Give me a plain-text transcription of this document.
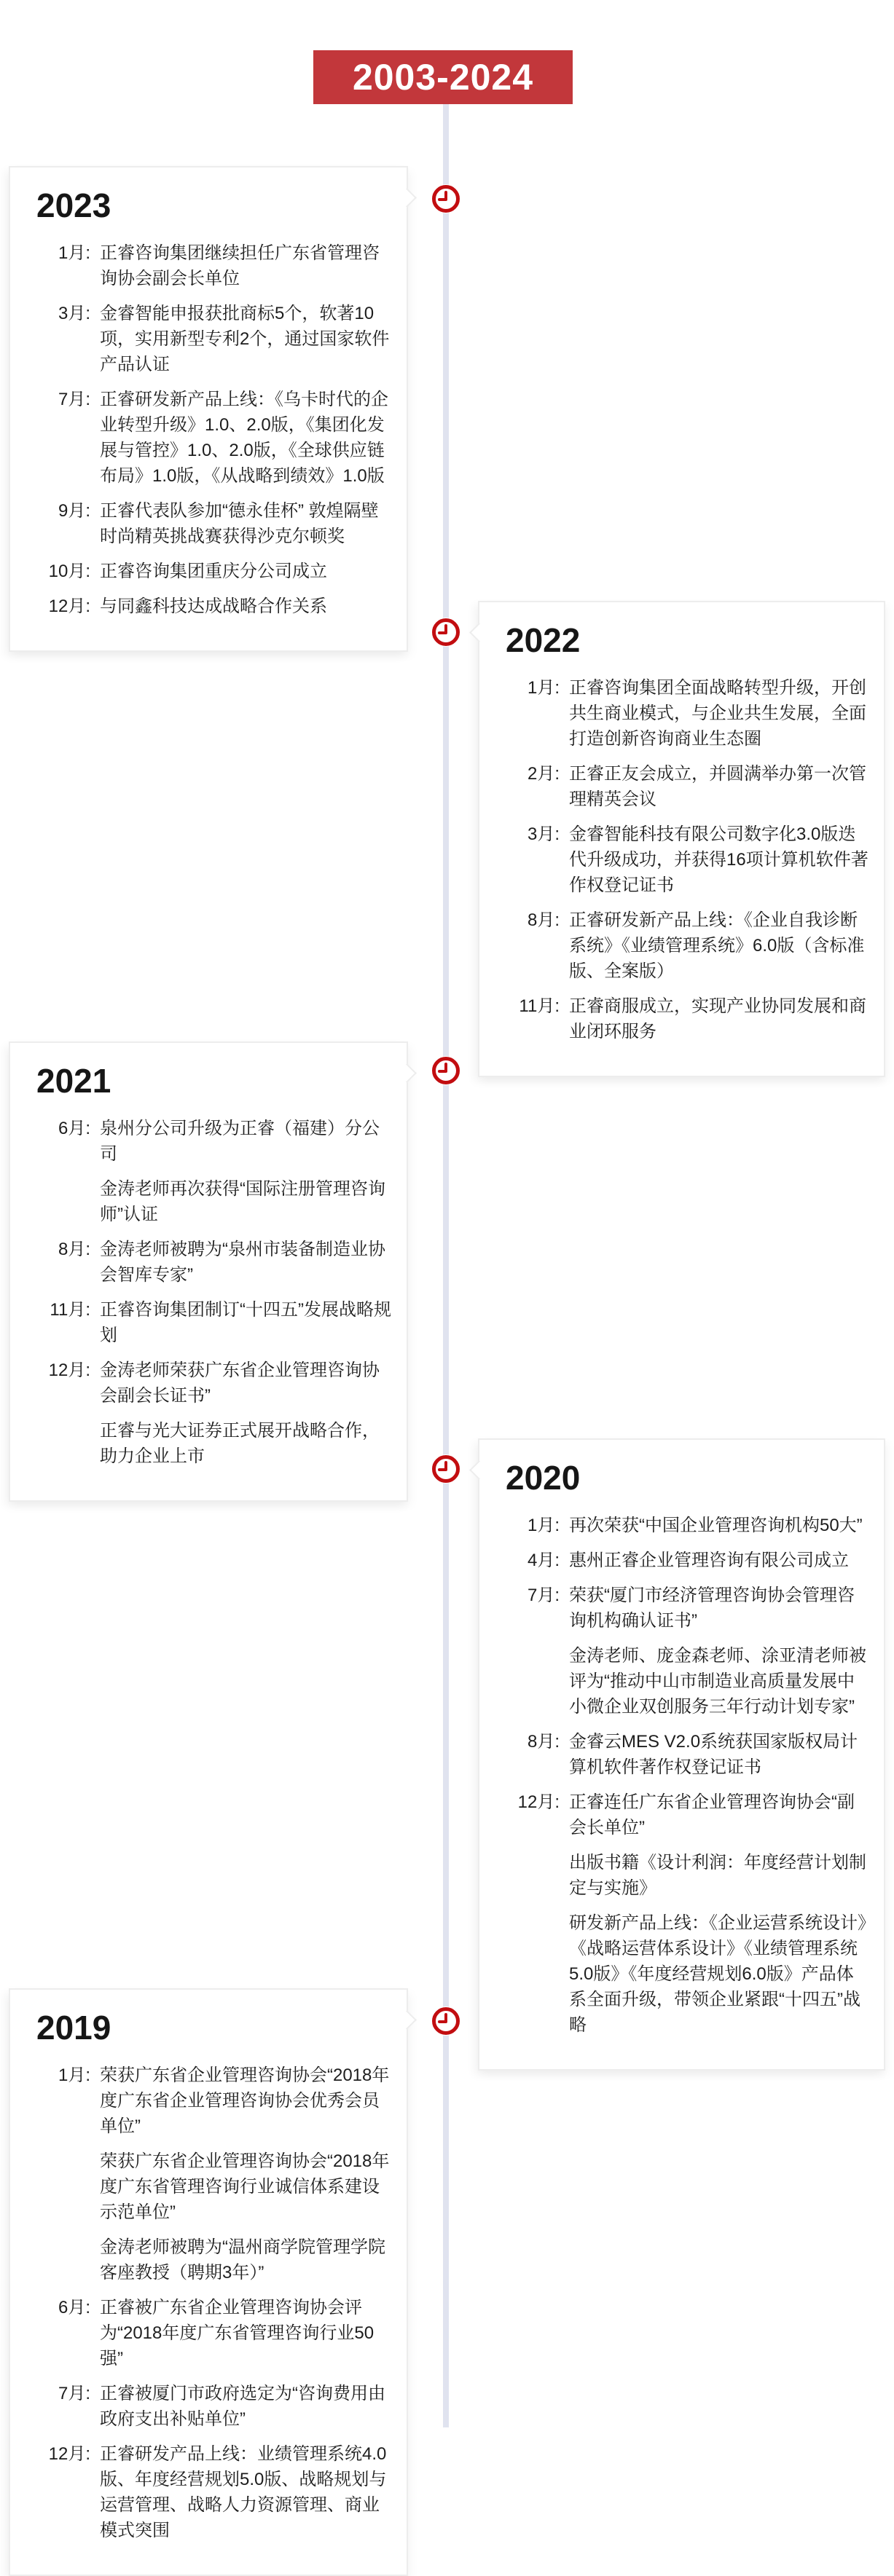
2003-2024
2023
1月: 正睿咨询集团继续担任广东省管理咨询协会副会长单位
3月: 金睿智能申报获批商标5个，软著10项，实用新型专利2个，通过国家软件产品认证
7月: 正睿研发新产品上线：《乌卡时代的企业转型升级》1.0、2.0版，《集团化发展与管控》1.0、2.0版，《全球供应链布局》1.0版，《从战略到绩效》1.0版
9月: 正睿代表队参加“德永佳杯” 敦煌隔壁时尚精英挑战赛获得沙克尔顿奖
10月: 正睿咨询集团重庆分公司成立
12月: 与同鑫科技达成战略合作关系
2022
1月: 正睿咨询集团全面战略转型升级，开创共生商业模式，与企业共生发展，全面打造创新咨询商业生态圈
2月: 正睿正友会成立，并圆满举办第一次管理精英会议
3月: 金睿智能科技有限公司数字化3.0版迭代升级成功，并获得16项计算机软件著作权登记证书
8月: 正睿研发新产品上线：《企业自我诊断系统》《业绩管理系统》6.0版（含标准版、全案版）
11月: 正睿商服成立，实现产业协同发展和商业闭环服务
2021
6月: 泉州分公司升级为正睿（福建）分公司
金涛老师再次获得“国际注册管理咨询师”认证
8月: 金涛老师被聘为“泉州市装备制造业协会智库专家”
11月: 正睿咨询集团制订“十四五”发展战略规划
12月: 金涛老师荣获广东省企业管理咨询协会副会长证书”
正睿与光大证券正式展开战略合作，助力企业上市
2020
1月: 再次荣获“中国企业管理咨询机构50大”
4月: 惠州正睿企业管理咨询有限公司成立
7月: 荣获“厦门市经济管理咨询协会管理咨询机构确认证书”
金涛老师、庞金森老师、涂亚清老师被评为“推动中山市制造业高质量发展中小微企业双创服务三年行动计划专家”
8月: 金睿云MES V2.0系统获国家版权局计算机软件著作权登记证书
12月: 正睿连任广东省企业管理咨询协会“副会长单位”
出版书籍《设计利润：年度经营计划制定与实施》
研发新产品上线：《企业运营系统设计》《战略运营体系设计》《业绩管理系统5.0版》《年度经营规划6.0版》产品体系全面升级，带领企业紧跟“十四五”战略
2019
1月: 荣获广东省企业管理咨询协会“2018年度广东省企业管理咨询协会优秀会员单位”
荣获广东省企业管理咨询协会“2018年度广东省管理咨询行业诚信体系建设示范单位”
金涛老师被聘为“温州商学院管理学院客座教授（聘期3年）”
6月: 正睿被广东省企业管理咨询协会评为“2018年度广东省管理咨询行业50强”
7月: 正睿被厦门市政府选定为“咨询费用由政府支出补贴单位”
12月: 正睿研发产品上线：业绩管理系统4.0版、年度经营规划5.0版、战略规划与运营管理、战略人力资源管理、商业模式突围
